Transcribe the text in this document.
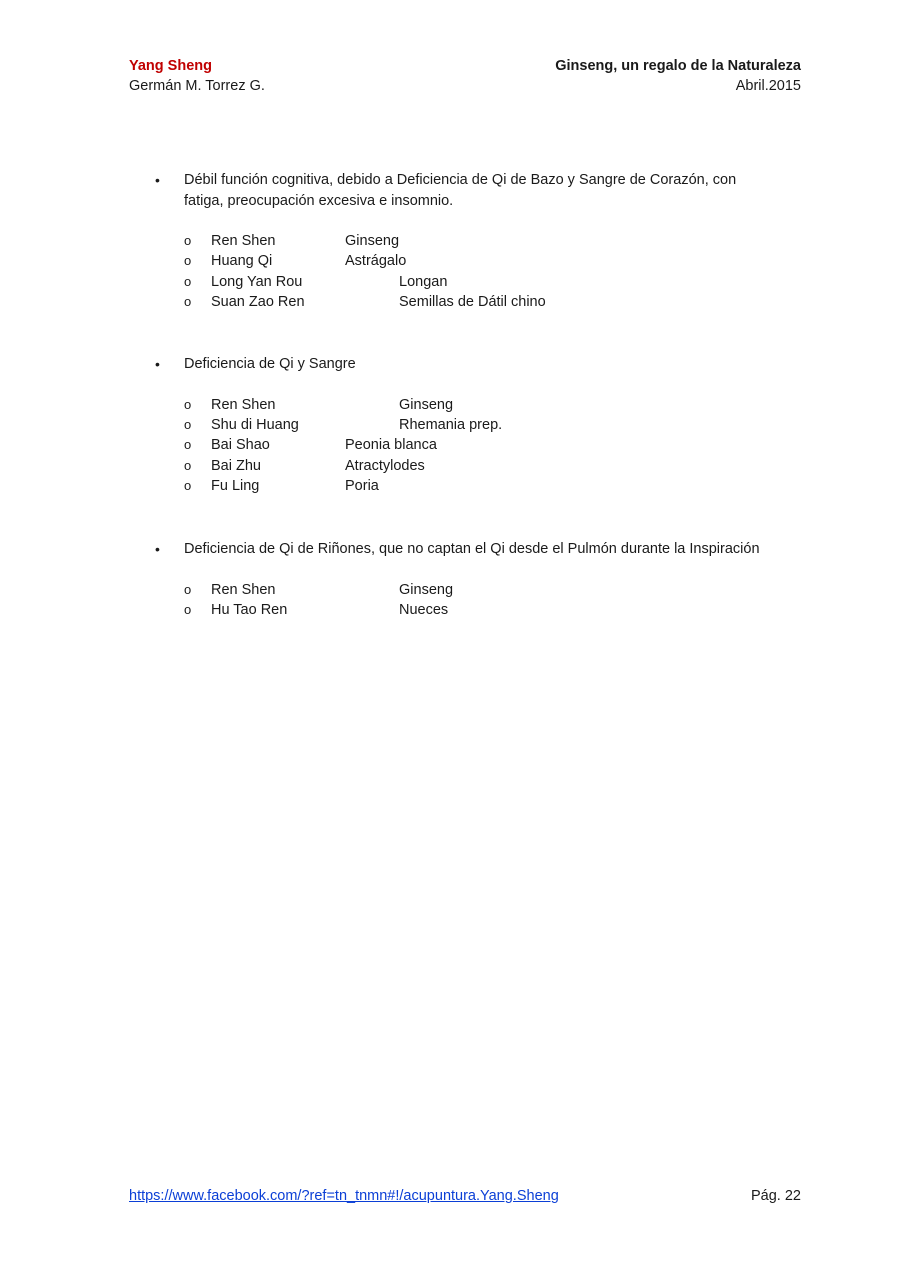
Yang Sheng
Germán M. Torrez G.
Ginseng, un regalo de la Naturaleza
Abril.2015
•	Débil función cognitiva, debido a Deficiencia de Qi de Bazo y Sangre de Corazón, con fatiga, preocupación excesiva e insomnio.
o	Ren Shen	Ginseng
o	Huang Qi	Astrágalo
o	Long Yan Rou	Longan
o	Suan Zao Ren	Semillas de Dátil chino
•	Deficiencia de Qi y Sangre
o	Ren Shen	Ginseng
o	Shu di Huang	Rhemania prep.
o	Bai Shao	Peonia blanca
o	Bai Zhu	Atractylodes
o	Fu Ling	Poria
•	Deficiencia de Qi de Riñones, que no captan el Qi desde el Pulmón durante la Inspiración
o	Ren Shen	Ginseng
o	Hu Tao Ren	Nueces
https://www.facebook.com/?ref=tn_tnmn#!/acupuntura.Yang.Sheng	Pág. 22
